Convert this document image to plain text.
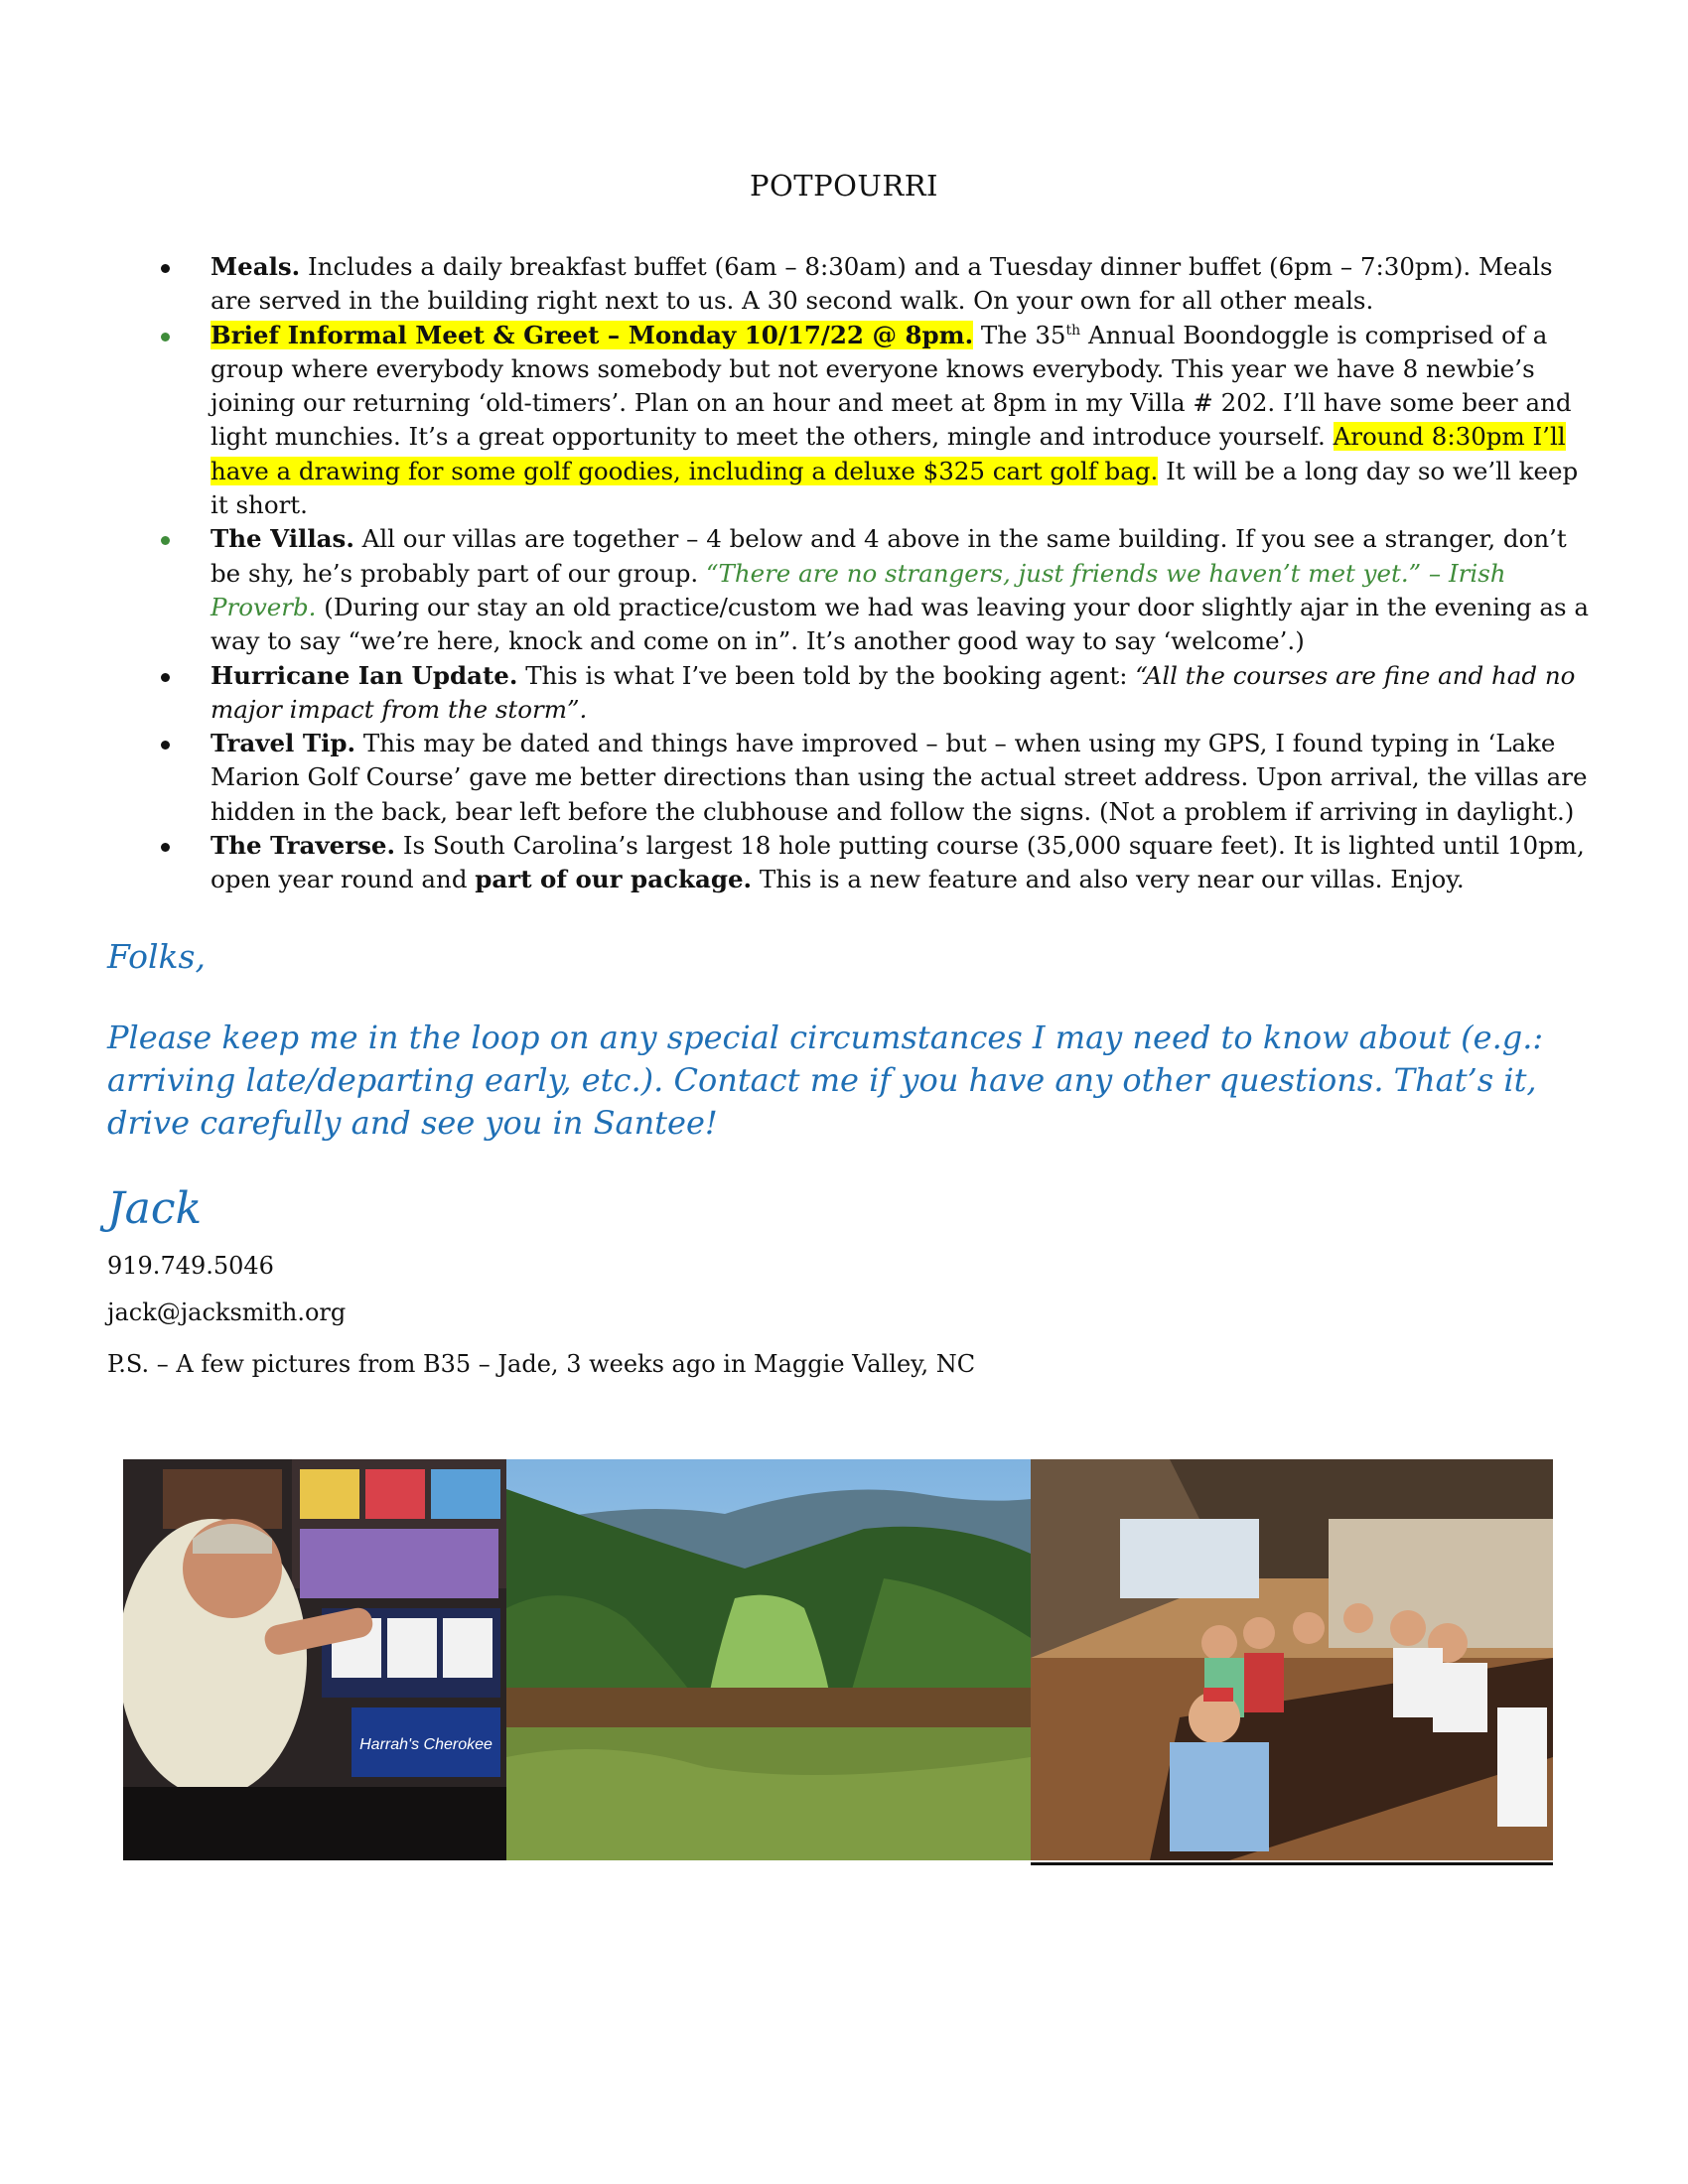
POTPOURRI
Meals. Includes a daily breakfast buffet (6am – 8:30am) and a Tuesday dinner buffet (6pm – 7:30pm). Meals are served in the building right next to us. A 30 second walk. On your own for all other meals.
Brief Informal Meet & Greet – Monday 10/17/22 @ 8pm. The 35th Annual Boondoggle is comprised of a group where everybody knows somebody but not everyone knows everybody. This year we have 8 newbie’s joining our returning ‘old-timers’. Plan on an hour and meet at 8pm in my Villa # 202. I’ll have some beer and light munchies. It’s a great opportunity to meet the others, mingle and introduce yourself. Around 8:30pm I’ll have a drawing for some golf goodies, including a deluxe $325 cart golf bag. It will be a long day so we’ll keep it short.
The Villas. All our villas are together – 4 below and 4 above in the same building. If you see a stranger, don’t be shy, he’s probably part of our group. “There are no strangers, just friends we haven’t met yet.” – Irish Proverb. (During our stay an old practice/custom we had was leaving your door slightly ajar in the evening as a way to say “we’re here, knock and come on in”. It’s another good way to say ‘welcome’.)
Hurricane Ian Update. This is what I’ve been told by the booking agent: “All the courses are fine and had no major impact from the storm”.
Travel Tip. This may be dated and things have improved – but – when using my GPS, I found typing in ‘Lake Marion Golf Course’ gave me better directions than using the actual street address. Upon arrival, the villas are hidden in the back, bear left before the clubhouse and follow the signs. (Not a problem if arriving in daylight.)
The Traverse. Is South Carolina’s largest 18 hole putting course (35,000 square feet). It is lighted until 10pm, open year round and part of our package. This is a new feature and also very near our villas. Enjoy.
Folks,
Please keep me in the loop on any special circumstances I may need to know about (e.g.: arriving late/departing early, etc.). Contact me if you have any other questions. That’s it, drive carefully and see you in Santee!
Jack
919.749.5046
jack@jacksmith.org
P.S. – A few pictures from B35 – Jade, 3 weeks ago in Maggie Valley, NC
Harrah's Cherokee
